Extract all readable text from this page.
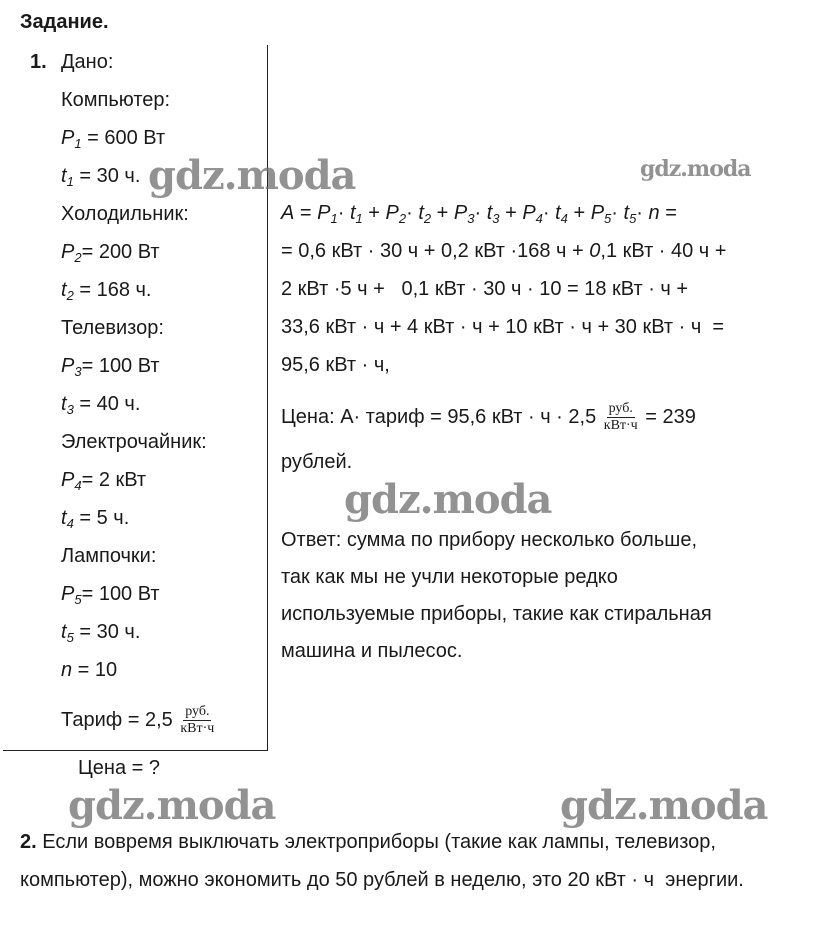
Задание.
1. Дано:
Компьютер:
$P_1 = 600$ Вт
$t_1 = 30$ ч.
Холодильник:
$P_2= 200$ Вт
$t_2 = 168$ ч.
Телевизор:
$P_3= 100$ Вт
$t_3 = 40$ ч.
Электрочайник:
$P_4= 2$ кВт
$t_4 = 5$ ч.
Лампочки:
$P_5= 100$ Вт
$t_5 = 30$ ч.
n = 10
Тариф = $2,5 \frac{\text{руб.}}{\text{кВт·ч}}$
Цена = ?
$A = P_1\cdot t_1 + P_2\cdot t_2 + P_3\cdot t_3 + P_4\cdot t_4 + P_5\cdot t_5\cdot n$ =
= 0,6 кВт · 30 ч + 0,2 кВт ·168 ч + 0,1 кВт · 40 ч +
2 кВт ·5 ч +   0,1 кВт · 30 ч · 10 = 18 кВт · ч +
33,6 кВт · ч + 4 кВт · ч + 10 кВт · ч + 30 кВт · ч  =
95,6 кВт · ч,
Цена: А· тариф = 95,6 кВт · $ч \cdot 2,5 \frac{\text{руб.}}{\text{кВт·ч}} = 239$
рублей.
Ответ: сумма по прибору несколько больше,
так как мы не учли некоторые редко
используемые приборы, такие как стиральная
машина и пылесос.
2. Если вовремя выключать электроприборы (такие как лампы, телевизор,
компьютер), можно экономить до 50 рублей в неделю, это 20 кВт · ч  энергии.
gdz.moda	gdz.moda
gdz.moda
gdz.moda	gdz.moda
